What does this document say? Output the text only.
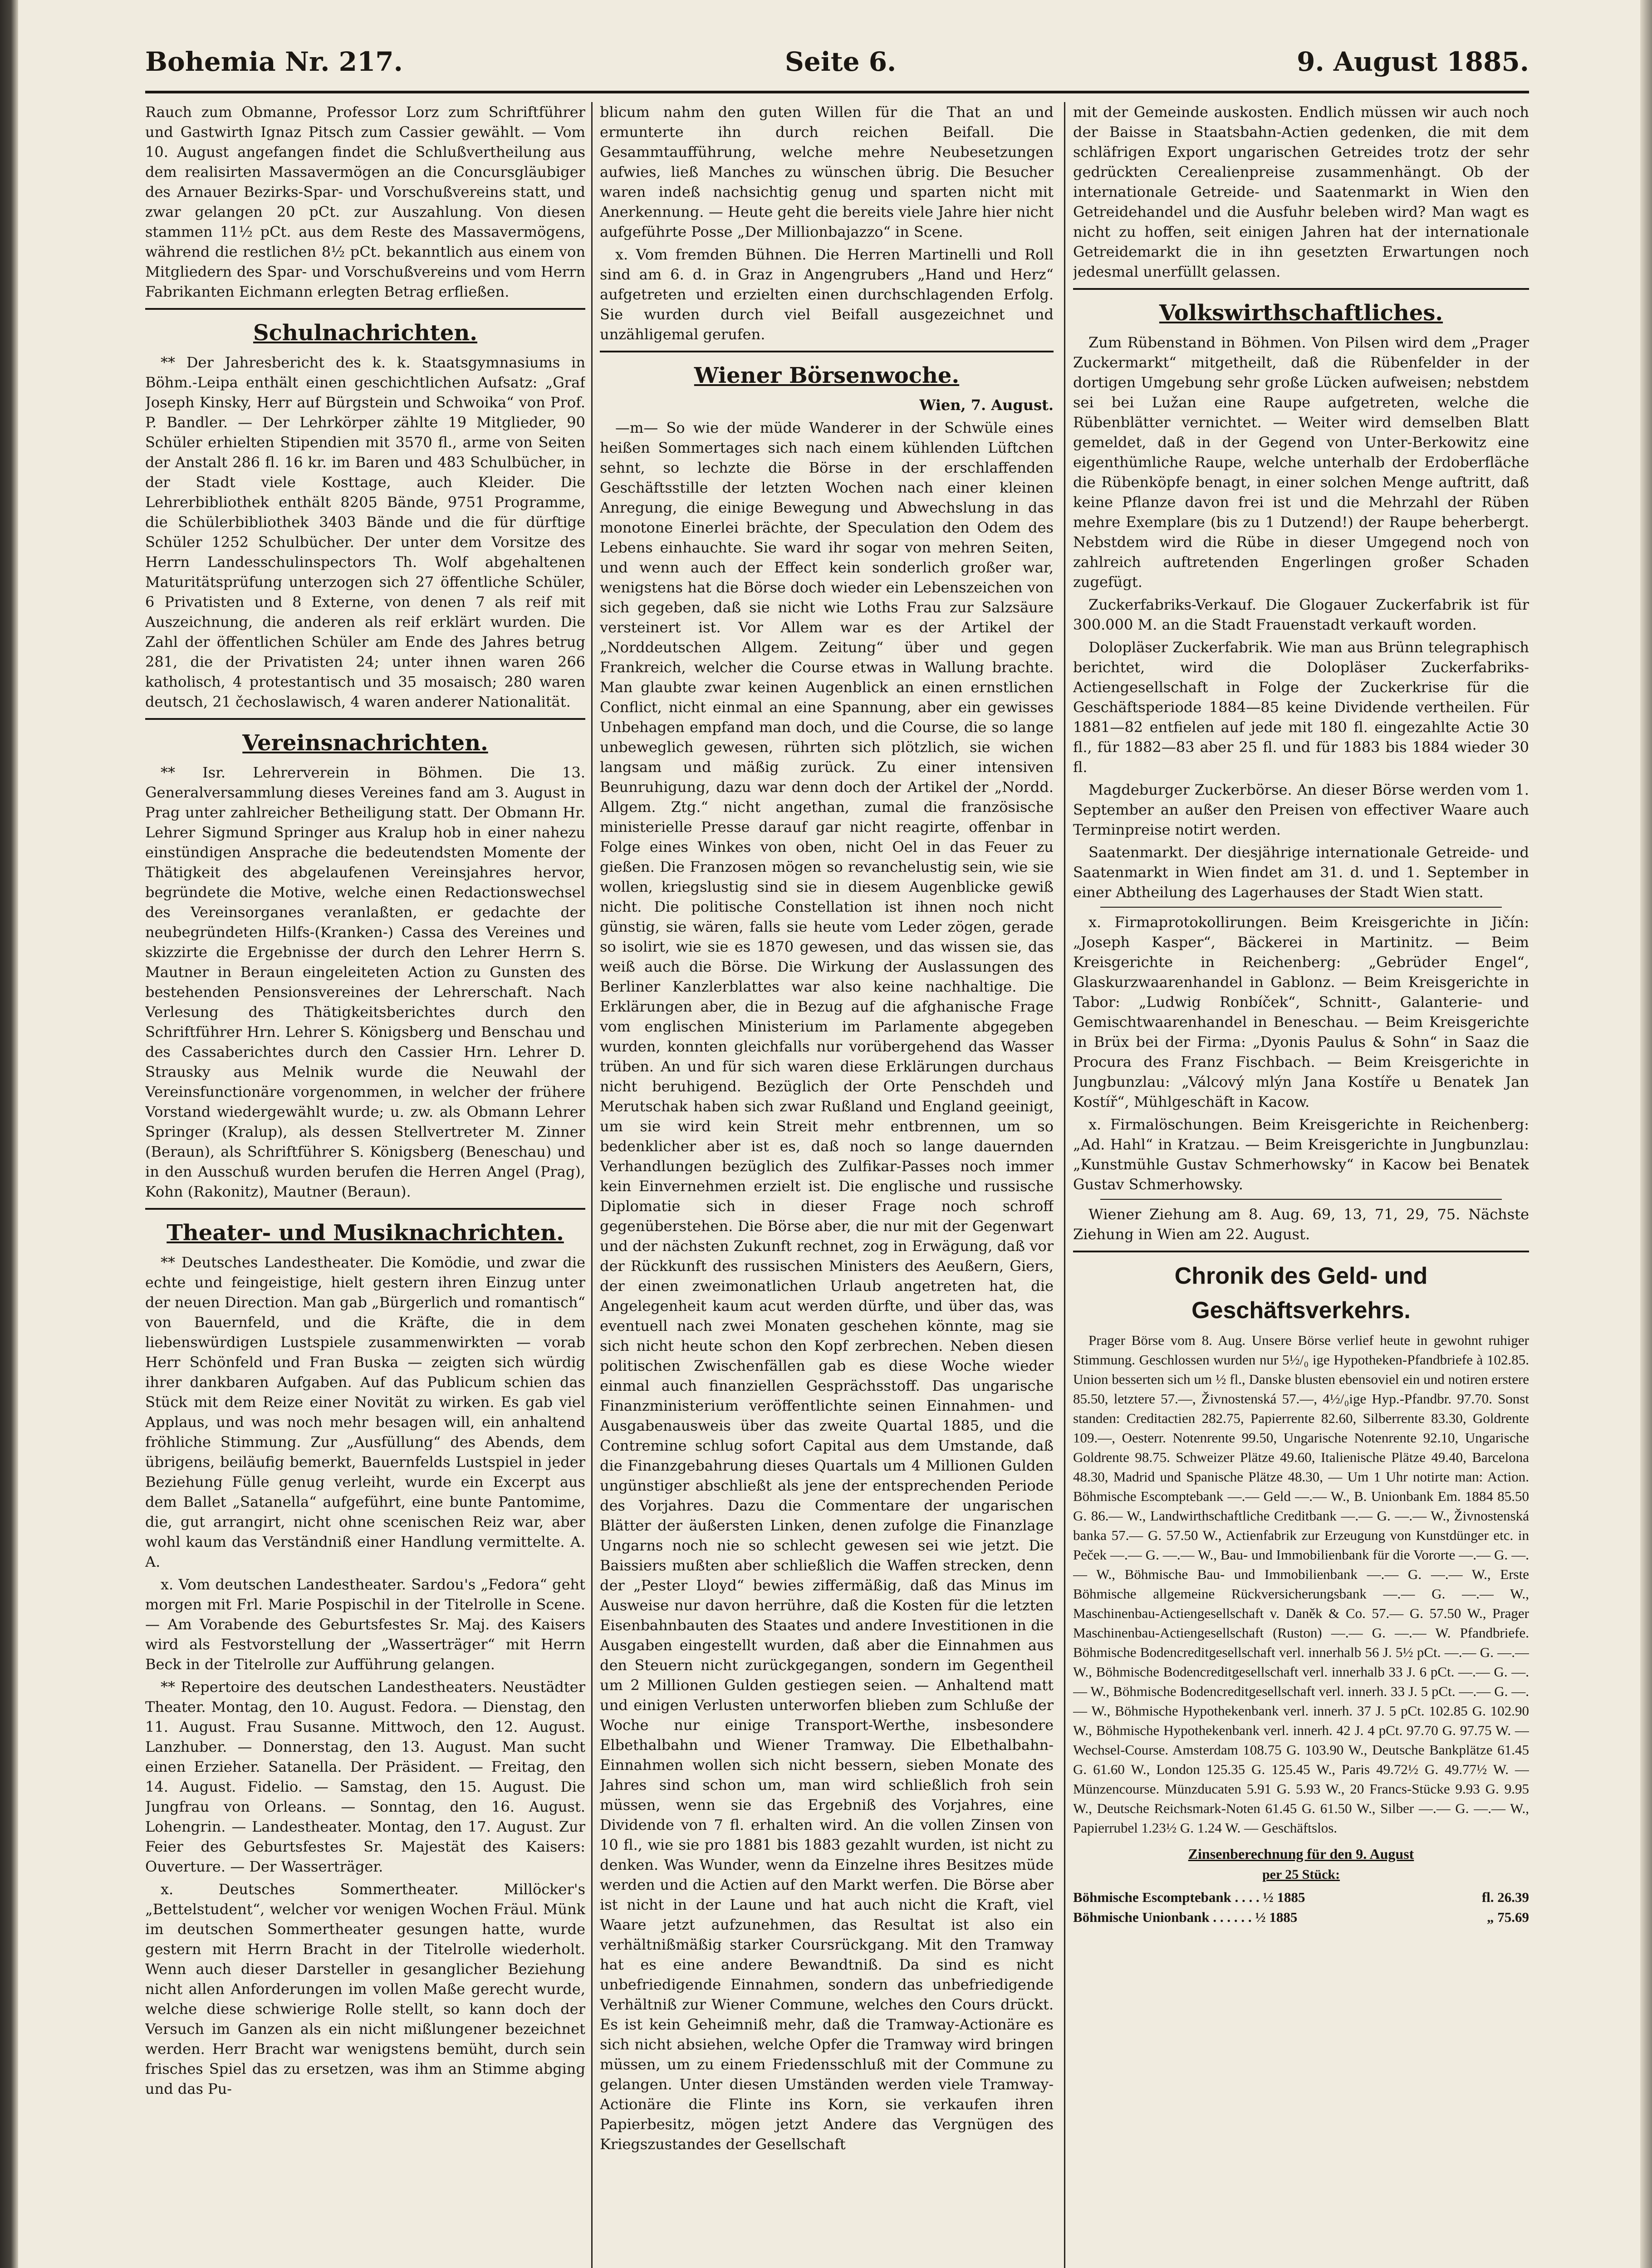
Bohemia Nr. 217.	Seite 6.	9. August 1885.

Rauch zum Obmanne, Professor Lorz zum Schriftführer und Gastwirth Ignaz Pitsch zum Cassier gewählt. — Vom 10. August angefangen findet die Schlußvertheilung aus dem realisirten Massavermögen an die Concursgläubiger des Arnauer Bezirks-Spar- und Vorschußvereins statt, und zwar gelangen 20 pCt. zur Auszahlung. Von diesen stammen 11½ pCt. aus dem Reste des Massavermögens, während die restlichen 8½ pCt. bekanntlich aus einem von Mitgliedern des Spar- und Vorschußvereins und vom Herrn Fabrikanten Eichmann erlegten Betrag erfließen.

Schulnachrichten.

** Der Jahresbericht des k. k. Staatsgymnasiums in Böhm.-Leipa enthält einen geschichtlichen Aufsatz: „Graf Joseph Kinsky, Herr auf Bürgstein und Schwoika“ von Prof. P. Bandler. — Der Lehrkörper zählte 19 Mitglieder, 90 Schüler erhielten Stipendien mit 3570 fl., arme von Seiten der Anstalt 286 fl. 16 kr. im Baren und 483 Schulbücher, in der Stadt viele Kosttage, auch Kleider. Die Lehrerbibliothek enthält 8205 Bände, 9751 Programme, die Schülerbibliothek 3403 Bände und die für dürftige Schüler 1252 Schulbücher. Der unter dem Vorsitze des Herrn Landesschulinspectors Th. Wolf abgehaltenen Maturitätsprüfung unterzogen sich 27 öffentliche Schüler, 6 Privatisten und 8 Externe, von denen 7 als reif mit Auszeichnung, die anderen als reif erklärt wurden. Die Zahl der öffentlichen Schüler am Ende des Jahres betrug 281, die der Privatisten 24; unter ihnen waren 266 katholisch, 4 protestantisch und 35 mosaisch; 280 waren deutsch, 21 čechoslawisch, 4 waren anderer Nationalität.

Vereinsnachrichten.

** Isr. Lehrerverein in Böhmen. Die 13. Generalversammlung dieses Vereines fand am 3. August in Prag unter zahlreicher Betheiligung statt. Der Obmann Hr. Lehrer Sigmund Springer aus Kralup hob in einer nahezu einstündigen Ansprache die bedeutendsten Momente der Thätigkeit des abgelaufenen Vereinsjahres hervor, begründete die Motive, welche einen Redactionswechsel des Vereinsorganes veranlaßten, er gedachte der neubegründeten Hilfs-(Kranken-) Cassa des Vereines und skizzirte die Ergebnisse der durch den Lehrer Herrn S. Mautner in Beraun eingeleiteten Action zu Gunsten des bestehenden Pensionsvereines der Lehrerschaft. Nach Verlesung des Thätigkeitsberichtes durch den Schriftführer Hrn. Lehrer S. Königsberg und Benschau und des Cassaberichtes durch den Cassier Hrn. Lehrer D. Strausky aus Melnik wurde die Neuwahl der Vereinsfunctionäre vorgenommen, in welcher der frühere Vorstand wiedergewählt wurde; u. zw. als Obmann Lehrer Springer (Kralup), als dessen Stellvertreter M. Zinner (Beraun), als Schriftführer S. Königsberg (Beneschau) und in den Ausschuß wurden berufen die Herren Angel (Prag), Kohn (Rakonitz), Mautner (Beraun).

Theater- und Musiknachrichten.

** Deutsches Landestheater. Die Komödie, und zwar die echte und feingeistige, hielt gestern ihren Einzug unter der neuen Direction. Man gab „Bürgerlich und romantisch“ von Bauernfeld, und die Kräfte, die in dem liebenswürdigen Lustspiele zusammenwirkten — vorab Herr Schönfeld und Fran Buska — zeigten sich würdig ihrer dankbaren Aufgaben. Auf das Publicum schien das Stück mit dem Reize einer Novität zu wirken. Es gab viel Applaus, und was noch mehr besagen will, ein anhaltend fröhliche Stimmung. Zur „Ausfüllung“ des Abends, dem übrigens, beiläufig bemerkt, Bauernfelds Lustspiel in jeder Beziehung Fülle genug verleiht, wurde ein Excerpt aus dem Ballet „Satanella“ aufgeführt, eine bunte Pantomime, die, gut arrangirt, nicht ohne scenischen Reiz war, aber wohl kaum das Verständniß einer Handlung vermittelte. A. A.

x. Vom deutschen Landestheater. Sardou's „Fedora“ geht morgen mit Frl. Marie Pospischil in der Titelrolle in Scene. — Am Vorabende des Geburtsfestes Sr. Maj. des Kaisers wird als Festvorstellung der „Wasserträger“ mit Herrn Beck in der Titelrolle zur Aufführung gelangen.

** Repertoire des deutschen Landestheaters. Neustädter Theater. Montag, den 10. August. Fedora. — Dienstag, den 11. August. Frau Susanne. Mittwoch, den 12. August. Lanzhuber. — Donnerstag, den 13. August. Man sucht einen Erzieher. Satanella. Der Präsident. — Freitag, den 14. August. Fidelio. — Samstag, den 15. August. Die Jungfrau von Orleans. — Sonntag, den 16. August. Lohengrin. — Landestheater. Montag, den 17. August. Zur Feier des Geburtsfestes Sr. Majestät des Kaisers: Ouverture. — Der Wasserträger.

x. Deutsches Sommertheater. Millöcker's „Bettelstudent“, welcher vor wenigen Wochen Fräul. Münk im deutschen Sommertheater gesungen hatte, wurde gestern mit Herrn Bracht in der Titelrolle wiederholt. Wenn auch dieser Darsteller in gesanglicher Beziehung nicht allen Anforderungen im vollen Maße gerecht wurde, welche diese schwierige Rolle stellt, so kann doch der Versuch im Ganzen als ein nicht mißlungener bezeichnet werden. Herr Bracht war wenigstens bemüht, durch sein frisches Spiel das zu ersetzen, was ihm an Stimme abging und das Pu-

blicum nahm den guten Willen für die That an und ermunterte ihn durch reichen Beifall. Die Gesammtaufführung, welche mehre Neubesetzungen aufwies, ließ Manches zu wünschen übrig. Die Besucher waren indeß nachsichtig genug und sparten nicht mit Anerkennung. — Heute geht die bereits viele Jahre hier nicht aufgeführte Posse „Der Millionbajazzo“ in Scene.

x. Vom fremden Bühnen. Die Herren Martinelli und Roll sind am 6. d. in Graz in Angengrubers „Hand und Herz“ aufgetreten und erzielten einen durchschlagenden Erfolg. Sie wurden durch viel Beifall ausgezeichnet und unzähligemal gerufen.

Wiener Börsenwoche.

Wien, 7. August.

—m— So wie der müde Wanderer in der Schwüle eines heißen Sommertages sich nach einem kühlenden Lüftchen sehnt, so lechzte die Börse in der erschlaffenden Geschäftsstille der letzten Wochen nach einer kleinen Anregung, die einige Bewegung und Abwechslung in das monotone Einerlei brächte, der Speculation den Odem des Lebens einhauchte. Sie ward ihr sogar von mehren Seiten, und wenn auch der Effect kein sonderlich großer war, wenigstens hat die Börse doch wieder ein Lebenszeichen von sich gegeben, daß sie nicht wie Loths Frau zur Salzsäure versteinert ist. Vor Allem war es der Artikel der „Norddeutschen Allgem. Zeitung“ über und gegen Frankreich, welcher die Course etwas in Wallung brachte. Man glaubte zwar keinen Augenblick an einen ernstlichen Conflict, nicht einmal an eine Spannung, aber ein gewisses Unbehagen empfand man doch, und die Course, die so lange unbeweglich gewesen, rührten sich plötzlich, sie wichen langsam und mäßig zurück. Zu einer intensiven Beunruhigung, dazu war denn doch der Artikel der „Nordd. Allgem. Ztg.“ nicht angethan, zumal die französische ministerielle Presse darauf gar nicht reagirte, offenbar in Folge eines Winkes von oben, nicht Oel in das Feuer zu gießen. Die Franzosen mögen so revanchelustig sein, wie sie wollen, kriegslustig sind sie in diesem Augenblicke gewiß nicht. Die politische Constellation ist ihnen noch nicht günstig, sie wären, falls sie heute vom Leder zögen, gerade so isolirt, wie sie es 1870 gewesen, und das wissen sie, das weiß auch die Börse. Die Wirkung der Auslassungen des Berliner Kanzlerblattes war also keine nachhaltige. Die Erklärungen aber, die in Bezug auf die afghanische Frage vom englischen Ministerium im Parlamente abgegeben wurden, konnten gleichfalls nur vorübergehend das Wasser trüben. An und für sich waren diese Erklärungen durchaus nicht beruhigend. Bezüglich der Orte Penschdeh und Merutschak haben sich zwar Rußland und England geeinigt, um sie wird kein Streit mehr entbrennen, um so bedenklicher aber ist es, daß noch so lange dauernden Verhandlungen bezüglich des Zulfikar-Passes noch immer kein Einvernehmen erzielt ist. Die englische und russische Diplomatie sich in dieser Frage noch schroff gegenüberstehen. Die Börse aber, die nur mit der Gegenwart und der nächsten Zukunft rechnet, zog in Erwägung, daß vor der Rückkunft des russischen Ministers des Aeußern, Giers, der einen zweimonatlichen Urlaub angetreten hat, die Angelegenheit kaum acut werden dürfte, und über das, was eventuell nach zwei Monaten geschehen könnte, mag sie sich nicht heute schon den Kopf zerbrechen. Neben diesen politischen Zwischenfällen gab es diese Woche wieder einmal auch finanziellen Gesprächsstoff. Das ungarische Finanzministerium veröffentlichte seinen Einnahmen- und Ausgabenausweis über das zweite Quartal 1885, und die Contremine schlug sofort Capital aus dem Umstande, daß die Finanzgebahrung dieses Quartals um 4 Millionen Gulden ungünstiger abschließt als jene der entsprechenden Periode des Vorjahres. Dazu die Commentare der ungarischen Blätter der äußersten Linken, denen zufolge die Finanzlage Ungarns noch nie so schlecht gewesen sei wie jetzt. Die Baissiers mußten aber schließlich die Waffen strecken, denn der „Pester Lloyd“ bewies ziffermäßig, daß das Minus im Ausweise nur davon herrühre, daß die Kosten für die letzten Eisenbahnbauten des Staates und andere Investitionen in die Ausgaben eingestellt wurden, daß aber die Einnahmen aus den Steuern nicht zurückgegangen, sondern im Gegentheil um 2 Millionen Gulden gestiegen seien. — Anhaltend matt und einigen Verlusten unterworfen blieben zum Schluße der Woche nur einige Transport-Werthe, insbesondere Elbethalbahn und Wiener Tramway. Die Elbethalbahn-Einnahmen wollen sich nicht bessern, sieben Monate des Jahres sind schon um, man wird schließlich froh sein müssen, wenn sie das Ergebniß des Vorjahres, eine Dividende von 7 fl. erhalten wird. An die vollen Zinsen von 10 fl., wie sie pro 1881 bis 1883 gezahlt wurden, ist nicht zu denken. Was Wunder, wenn da Einzelne ihres Besitzes müde werden und die Actien auf den Markt werfen. Die Börse aber ist nicht in der Laune und hat auch nicht die Kraft, viel Waare jetzt aufzunehmen, das Resultat ist also ein verhältnißmäßig starker Coursrückgang. Mit den Tramway hat es eine andere Bewandtniß. Da sind es nicht unbefriedigende Einnahmen, sondern das unbefriedigende Verhältniß zur Wiener Commune, welches den Cours drückt. Es ist kein Geheimniß mehr, daß die Tramway-Actionäre es sich nicht absiehen, welche Opfer die Tramway wird bringen müssen, um zu einem Friedensschluß mit der Commune zu gelangen. Unter diesen Umständen werden viele Tramway-Actionäre die Flinte ins Korn, sie verkaufen ihren Papierbesitz, mögen jetzt Andere das Vergnügen des Kriegszustandes der Gesellschaft

mit der Gemeinde auskosten. Endlich müssen wir auch noch der Baisse in Staatsbahn-Actien gedenken, die mit dem schläfrigen Export ungarischen Getreides trotz der sehr gedrückten Cerealienpreise zusammenhängt. Ob der internationale Getreide- und Saatenmarkt in Wien den Getreidehandel und die Ausfuhr beleben wird? Man wagt es nicht zu hoffen, seit einigen Jahren hat der internationale Getreidemarkt die in ihn gesetzten Erwartungen noch jedesmal unerfüllt gelassen.

Volkswirthschaftliches.

Zum Rübenstand in Böhmen. Von Pilsen wird dem „Prager Zuckermarkt“ mitgetheilt, daß die Rübenfelder in der dortigen Umgebung sehr große Lücken aufweisen; nebstdem sei bei Lužan eine Raupe aufgetreten, welche die Rübenblätter vernichtet. — Weiter wird demselben Blatt gemeldet, daß in der Gegend von Unter-Berkowitz eine eigenthümliche Raupe, welche unterhalb der Erdoberfläche die Rübenköpfe benagt, in einer solchen Menge auftritt, daß keine Pflanze davon frei ist und die Mehrzahl der Rüben mehre Exemplare (bis zu 1 Dutzend!) der Raupe beherbergt. Nebstdem wird die Rübe in dieser Umgegend noch von zahlreich auftretenden Engerlingen großer Schaden zugefügt.

Zuckerfabriks-Verkauf. Die Glogauer Zuckerfabrik ist für 300.000 M. an die Stadt Frauenstadt verkauft worden.

Dolopläser Zuckerfabrik. Wie man aus Brünn telegraphisch berichtet, wird die Dolopläser Zuckerfabriks-Actiengesellschaft in Folge der Zuckerkrise für die Geschäftsperiode 1884—85 keine Dividende vertheilen. Für 1881—82 entfielen auf jede mit 180 fl. eingezahlte Actie 30 fl., für 1882—83 aber 25 fl. und für 1883 bis 1884 wieder 30 fl.

Magdeburger Zuckerbörse. An dieser Börse werden vom 1. September an außer den Preisen von effectiver Waare auch Terminpreise notirt werden.

Saatenmarkt. Der diesjährige internationale Getreide- und Saatenmarkt in Wien findet am 31. d. und 1. September in einer Abtheilung des Lagerhauses der Stadt Wien statt.

x. Firmaprotokollirungen. Beim Kreisgerichte in Jičín: „Joseph Kasper“, Bäckerei in Martinitz. — Beim Kreisgerichte in Reichenberg: „Gebrüder Engel“, Glaskurzwaarenhandel in Gablonz. — Beim Kreisgerichte in Tabor: „Ludwig Ronbíček“, Schnitt-, Galanterie- und Gemischtwaarenhandel in Beneschau. — Beim Kreisgerichte in Brüx bei der Firma: „Dyonis Paulus & Sohn“ in Saaz die Procura des Franz Fischbach. — Beim Kreisgerichte in Jungbunzlau: „Válcový mlýn Jana Kostíře u Benatek Jan Kostíř“, Mühlgeschäft in Kacow.

x. Firmalöschungen. Beim Kreisgerichte in Reichenberg: „Ad. Hahl“ in Kratzau. — Beim Kreisgerichte in Jungbunzlau: „Kunstmühle Gustav Schmerhowsky“ in Kacow bei Benatek Gustav Schmerhowsky.

Wiener Ziehung am 8. Aug. 69, 13, 71, 29, 75. Nächste Ziehung in Wien am 22. August.

Chronik des Geld- und Geschäftsverkehrs.

Prager Börse vom 8. Aug. Unsere Börse verlief heute in gewohnt ruhiger Stimmung. Geschlossen wurden nur 5½/₀ ige Hypotheken-Pfandbriefe à 102.85. Union besserten sich um ½ fl., Danske blusten ebensoviel ein und notiren erstere 85.50, letztere 57.—, Živnostenská 57.—, 4½/₀ige Hyp.-Pfandbr. 97.70. Sonst standen: Creditactien 282.75, Papierrente 82.60, Silberrente 83.30, Goldrente 109.—, Oesterr. Notenrente 99.50, Ungarische Notenrente 92.10, Ungarische Goldrente 98.75. Schweizer Plätze 49.60, Italienische Plätze 49.40, Barcelona 48.30, Madrid und Spanische Plätze 48.30, — Um 1 Uhr notirte man: Action. Böhmische Escomptebank —.— Geld —.— W., B. Unionbank Em. 1884 85.50 G. 86.— W., Landwirthschaftliche Creditbank —.— G. —.— W., Živnostenská banka 57.— G. 57.50 W., Actienfabrik zur Erzeugung von Kunstdünger etc. in Peček —.— G. —.— W., Bau- und Immobilienbank für die Vororte —.— G. —.— W., Böhmische Bau- und Immobilienbank —.— G. —.— W., Erste Böhmische allgemeine Rückversicherungsbank —.— G. —.— W., Maschinenbau-Actiengesellschaft v. Daněk & Co. 57.— G. 57.50 W., Prager Maschinenbau-Actiengesellschaft (Ruston) —.— G. —.— W. Pfandbriefe. Böhmische Bodencreditgesellschaft verl. innerhalb 56 J. 5½ pCt. —.— G. —.— W., Böhmische Bodencreditgesellschaft verl. innerhalb 33 J. 6 pCt. —.— G. —.— W., Böhmische Bodencreditgesellschaft verl. innerh. 33 J. 5 pCt. —.— G. —.— W., Böhmische Hypothekenbank verl. innerh. 37 J. 5 pCt. 102.85 G. 102.90 W., Böhmische Hypothekenbank verl. innerh. 42 J. 4 pCt. 97.70 G. 97.75 W. — Wechsel-Course. Amsterdam 108.75 G. 103.90 W., Deutsche Bankplätze 61.45 G. 61.60 W., London 125.35 G. 125.45 W., Paris 49.72½ G. 49.77½ W. — Münzencourse. Münzducaten 5.91 G. 5.93 W., 20 Francs-Stücke 9.93 G. 9.95 W., Deutsche Reichsmark-Noten 61.45 G. 61.50 W., Silber —.— G. —.— W., Papierrubel 1.23½ G. 1.24 W. — Geschäftslos.

Zinsenberechnung für den 9. August
per 25 Stück:
Böhmische Escomptebank . . . . ½ 1885	fl. 26.39
Böhmische Unionbank . . . . . . ½ 1885	„ 75.69
